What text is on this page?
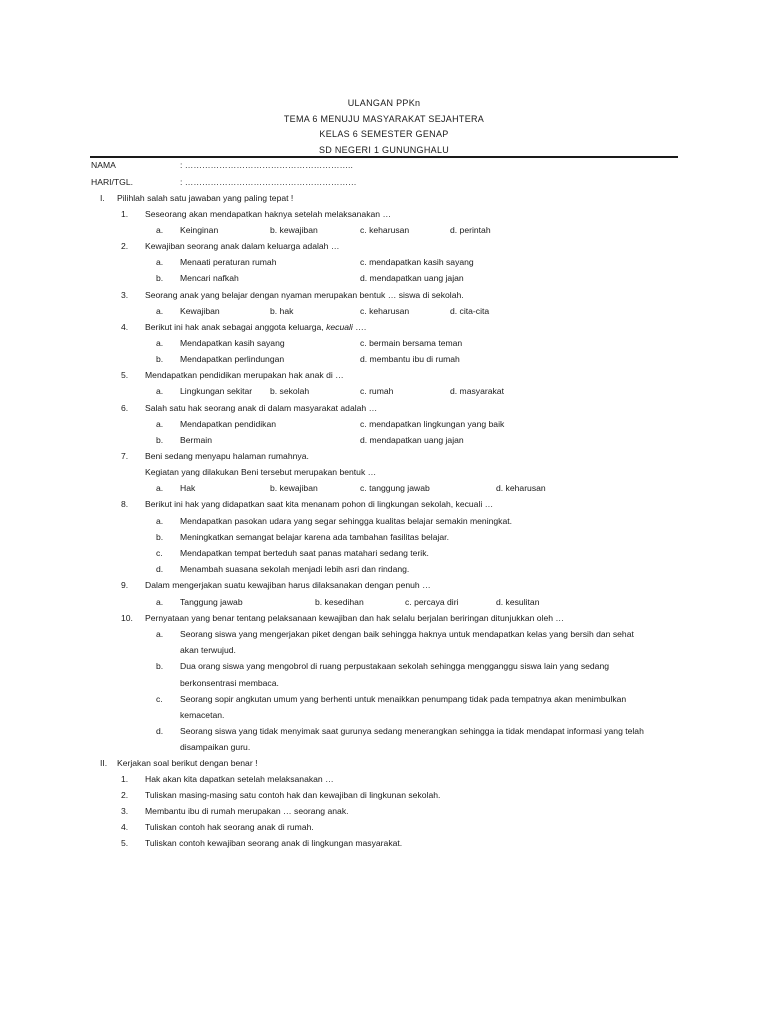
ULANGAN PPKn
TEMA 6 MENUJU MASYARAKAT SEJAHTERA
KELAS 6 SEMESTER GENAP
SD NEGERI 1 GUNUNGHALU
NAMA	: …………………………………………………..
HARI/TGL.	: ……………………………………………………
I. Pilihlah salah satu jawaban yang paling tepat !
1. Seseorang akan mendapatkan haknya setelah melaksanakan …
a. Keinginan	b. kewajiban	c. keharusan	d. perintah
2. Kewajiban seorang anak dalam keluarga adalah …
a. Menaati peraturan rumah	c. mendapatkan kasih sayang
b. Mencari nafkah	d. mendapatkan uang jajan
3. Seorang anak yang belajar dengan nyaman merupakan bentuk … siswa di sekolah.
a. Kewajiban	b. hak	c. keharusan	d. cita-cita
4. Berikut ini hak anak sebagai anggota keluarga, kecuali ….
a. Mendapatkan kasih sayang	c. bermain bersama teman
b. Mendapatkan perlindungan	d. membantu ibu di rumah
5. Mendapatkan pendidikan merupakan hak anak di …
a. Lingkungan sekitar b. sekolah	c. rumah	d. masyarakat
6. Salah satu hak seorang anak di dalam masyarakat adalah …
a. Mendapatkan pendidikan	c. mendapatkan lingkungan yang baik
b. Bermain	d. mendapatkan uang jajan
7. Beni sedang menyapu halaman rumahnya.
Kegiatan yang dilakukan Beni tersebut merupakan bentuk …
a. Hak	b. kewajiban	c. tanggung jawab	d. keharusan
8. Berikut ini hak yang didapatkan saat kita menanam pohon di lingkungan sekolah, kecuali …
a. Mendapatkan pasokan udara yang segar sehingga kualitas belajar semakin meningkat.
b. Meningkatkan semangat belajar karena ada tambahan fasilitas belajar.
c. Mendapatkan tempat berteduh saat panas matahari sedang terik.
d. Menambah suasana sekolah menjadi lebih asri dan rindang.
9. Dalam mengerjakan suatu kewajiban harus dilaksanakan dengan penuh …
a. Tanggung jawab	b. kesedihan	c. percaya diri	d. kesulitan
10. Pernyataan yang benar tentang pelaksanaan kewajiban dan hak selalu berjalan beriringan ditunjukkan oleh …
a. Seorang siswa yang mengerjakan piket dengan baik sehingga haknya untuk mendapatkan kelas yang bersih dan sehat
akan terwujud.
b. Dua orang siswa yang mengobrol di ruang perpustakaan sekolah sehingga mengganggu siswa lain yang sedang
berkonsentrasi membaca.
c. Seorang sopir angkutan umum yang berhenti untuk menaikkan penumpang tidak pada tempatnya akan menimbulkan
kemacetan.
d. Seorang siswa yang tidak menyimak saat gurunya sedang menerangkan sehingga ia tidak mendapat informasi yang telah
disampaikan guru.
II. Kerjakan soal berikut dengan benar !
1. Hak akan kita dapatkan setelah melaksanakan …
2. Tuliskan masing-masing satu contoh hak dan kewajiban di lingkunan sekolah.
3. Membantu ibu di rumah merupakan … seorang anak.
4. Tuliskan contoh hak seorang anak di rumah.
5. Tuliskan contoh kewajiban seorang anak di lingkungan masyarakat.
